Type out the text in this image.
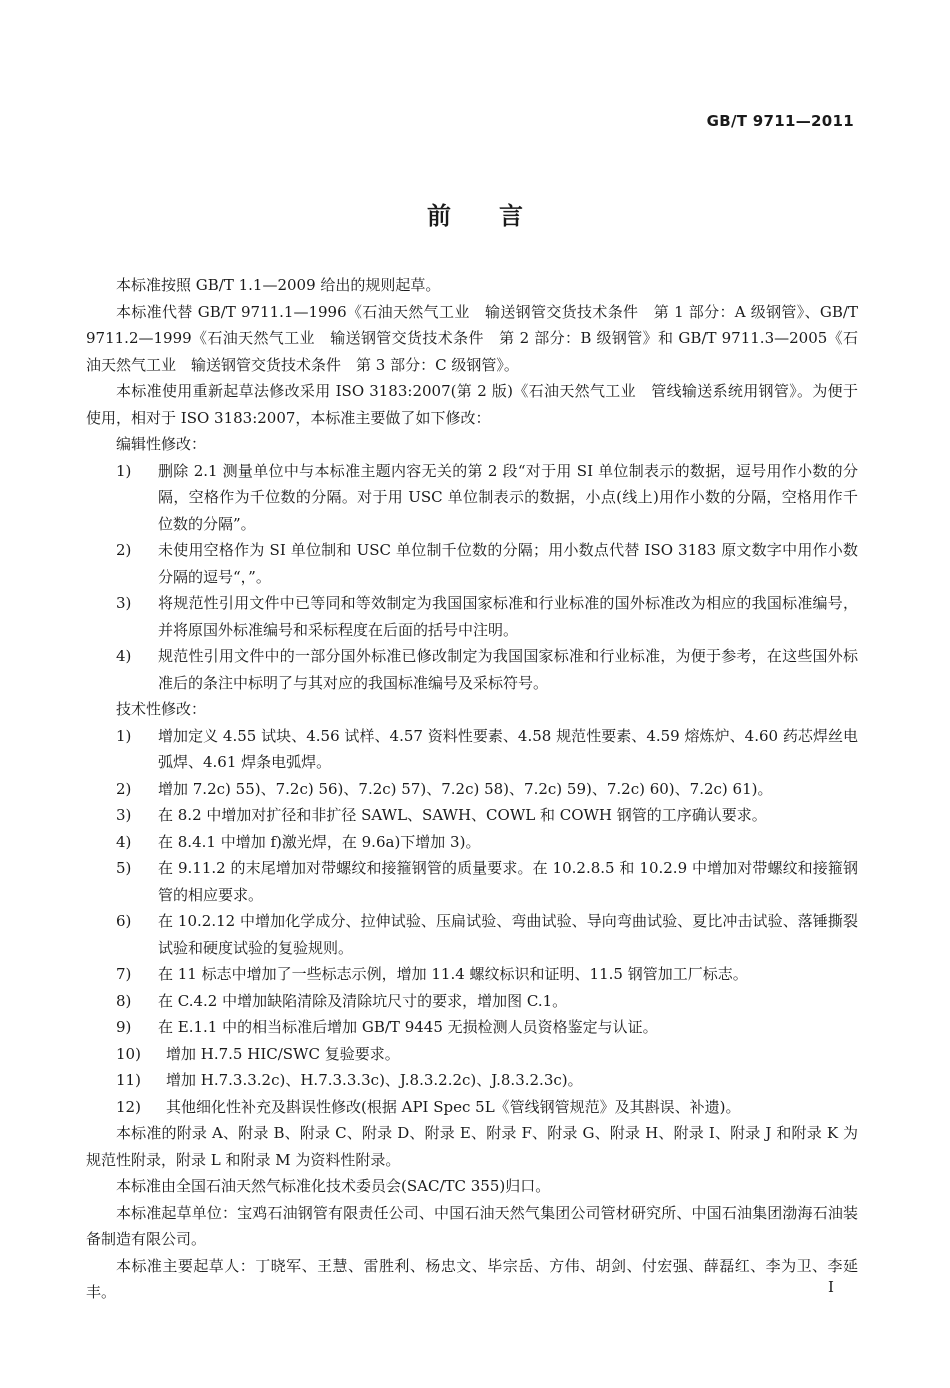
GB/T 9711—2011
前言

本标准按照 GB/T 1.1—2009 给出的规则起草。

本标准代替 GB/T 9711.1—1996《石油天然气工业　输送钢管交货技术条件　第 1 部分：A 级钢管》、GB/T 9711.2—1999《石油天然气工业　输送钢管交货技术条件　第 2 部分：B 级钢管》和 GB/T 9711.3—2005《石油天然气工业　输送钢管交货技术条件　第 3 部分：C 级钢管》。

本标准使用重新起草法修改采用 ISO 3183:2007(第 2 版)《石油天然气工业　管线输送系统用钢管》。为便于使用，相对于 ISO 3183:2007，本标准主要做了如下修改：

编辑性修改：

1) 删除 2.1 测量单位中与本标准主题内容无关的第 2 段“对于用 SI 单位制表示的数据，逗号用作小数的分隔，空格作为千位数的分隔。对于用 USC 单位制表示的数据，小点(线上)用作小数的分隔，空格用作千位数的分隔”。
2) 未使用空格作为 SI 单位制和 USC 单位制千位数的分隔；用小数点代替 ISO 3183 原文数字中用作小数分隔的逗号“，”。
3) 将规范性引用文件中已等同和等效制定为我国国家标准和行业标准的国外标准改为相应的我国标准编号，并将原国外标准编号和采标程度在后面的括号中注明。
4) 规范性引用文件中的一部分国外标准已修改制定为我国国家标准和行业标准，为便于参考，在这些国外标准后的条注中标明了与其对应的我国标准编号及采标符号。

技术性修改：

1) 增加定义 4.55 试块、4.56 试样、4.57 资料性要素、4.58 规范性要素、4.59 熔炼炉、4.60 药芯焊丝电弧焊、4.61 焊条电弧焊。
2) 增加 7.2c) 55)、7.2c) 56)、7.2c) 57)、7.2c) 58)、7.2c) 59)、7.2c) 60)、7.2c) 61)。
3) 在 8.2 中增加对扩径和非扩径 SAWL、SAWH、COWL 和 COWH 钢管的工序确认要求。
4) 在 8.4.1 中增加 f)激光焊，在 9.6a)下增加 3)。
5) 在 9.11.2 的末尾增加对带螺纹和接箍钢管的质量要求。在 10.2.8.5 和 10.2.9 中增加对带螺纹和接箍钢管的相应要求。
6) 在 10.2.12 中增加化学成分、拉伸试验、压扁试验、弯曲试验、导向弯曲试验、夏比冲击试验、落锤撕裂试验和硬度试验的复验规则。
7) 在 11 标志中增加了一些标志示例，增加 11.4 螺纹标识和证明、11.5 钢管加工厂标志。
8) 在 C.4.2 中增加缺陷清除及清除坑尺寸的要求，增加图 C.1。
9) 在 E.1.1 中的相当标准后增加 GB/T 9445 无损检测人员资格鉴定与认证。
10) 增加 H.7.5 HIC/SWC 复验要求。
11) 增加 H.7.3.3.2c)、H.7.3.3.3c)、J.8.3.2.2c)、J.8.3.2.3c)。
12) 其他细化性补充及斟误性修改(根据 API Spec 5L《管线钢管规范》及其斟误、补遗)。

本标准的附录 A、附录 B、附录 C、附录 D、附录 E、附录 F、附录 G、附录 H、附录 I、附录 J 和附录 K 为规范性附录，附录 L 和附录 M 为资料性附录。

本标准由全国石油天然气标准化技术委员会(SAC/TC 355)归口。

本标准起草单位：宝鸡石油钢管有限责任公司、中国石油天然气集团公司管材研究所、中国石油集团渤海石油装备制造有限公司。

本标准主要起草人：丁晓军、王慧、雷胜利、杨忠文、毕宗岳、方伟、胡剑、付宏强、薛磊红、李为卫、李延丰。	I
